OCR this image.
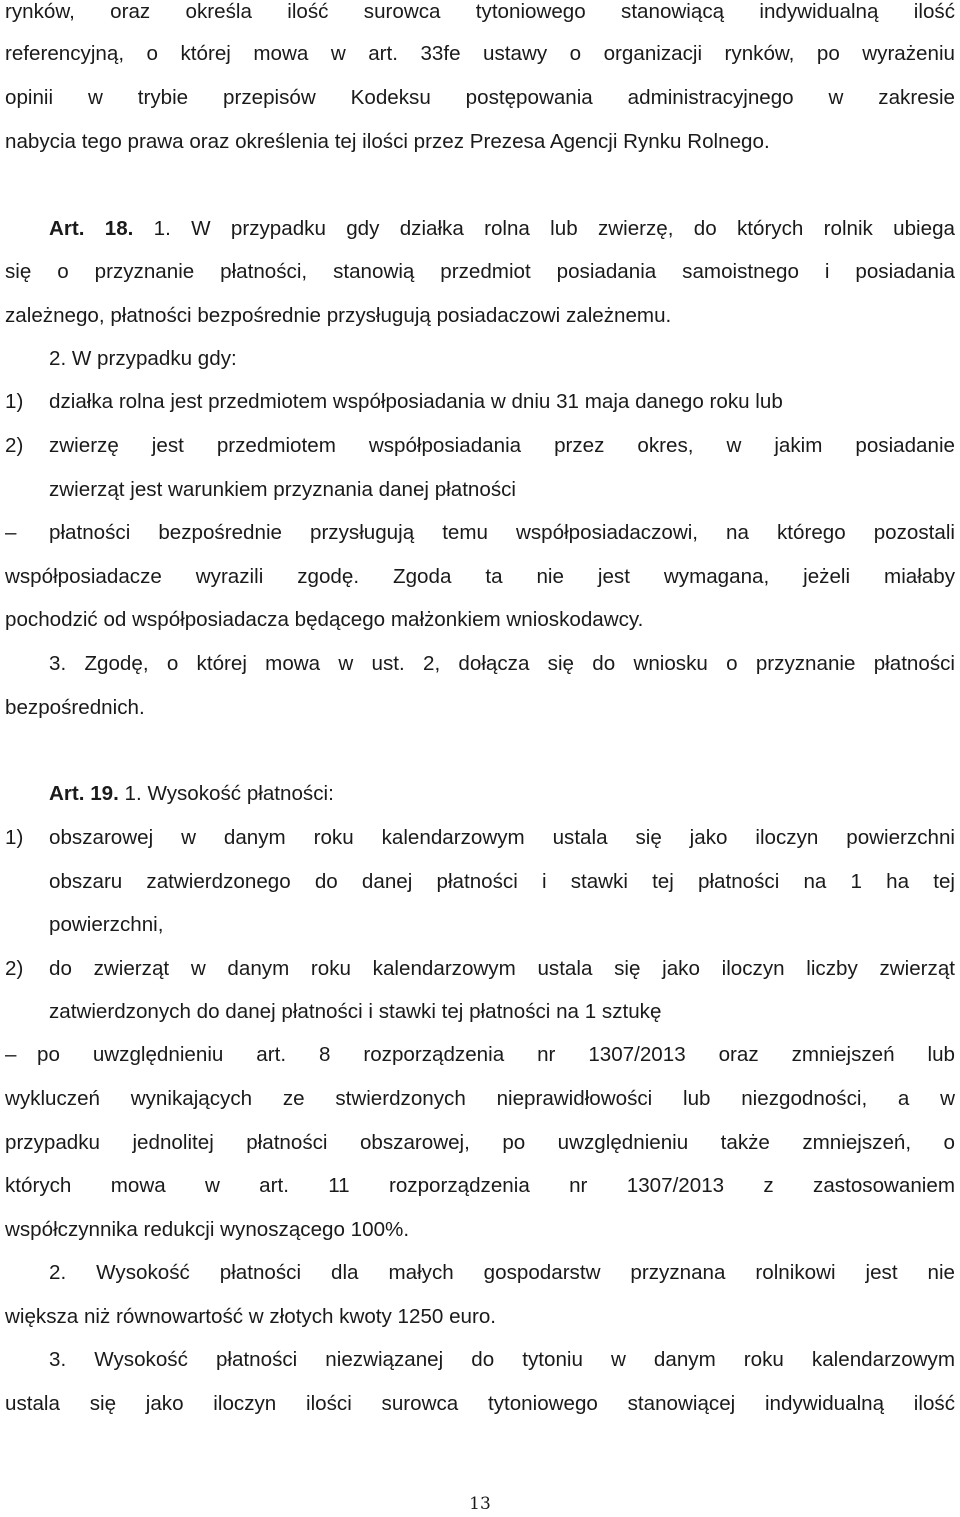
rynków, oraz określa ilość surowca tytoniowego stanowiącą indywidualną ilość
referencyjną, o której mowa w art. 33fe ustawy o organizacji rynków, po wyrażeniu
opinii w trybie przepisów Kodeksu postępowania administracyjnego w zakresie
nabycia tego prawa oraz określenia tej ilości przez Prezesa Agencji Rynku Rolnego.
Art. 18. 1. W przypadku gdy działka rolna lub zwierzę, do których rolnik ubiega
się o przyznanie płatności, stanowią przedmiot posiadania samoistnego i posiadania
zależnego, płatności bezpośrednie przysługują posiadaczowi zależnemu.
2. W przypadku gdy:
1) działka rolna jest przedmiotem współposiadania w dniu 31 maja danego roku lub
2) zwierzę jest przedmiotem współposiadania przez okres, w jakim posiadanie
zwierząt jest warunkiem przyznania danej płatności
– płatności bezpośrednie przysługują temu współposiadaczowi, na którego pozostali
współposiadacze wyrazili zgodę. Zgoda ta nie jest wymagana, jeżeli miałaby
pochodzić od współposiadacza będącego małżonkiem wnioskodawcy.
3. Zgodę, o której mowa w ust. 2, dołącza się do wniosku o przyznanie płatności
bezpośrednich.
Art. 19. 1. Wysokość płatności:
1) obszarowej w danym roku kalendarzowym ustala się jako iloczyn powierzchni
obszaru zatwierdzonego do danej płatności i stawki tej płatności na 1 ha tej
powierzchni,
2) do zwierząt w danym roku kalendarzowym ustala się jako iloczyn liczby zwierząt
zatwierdzonych do danej płatności i stawki tej płatności na 1 sztukę
– po uwzględnieniu art. 8 rozporządzenia nr 1307/2013 oraz zmniejszeń lub
wykluczeń wynikających ze stwierdzonych nieprawidłowości lub niezgodności, a w
przypadku jednolitej płatności obszarowej, po uwzględnieniu także zmniejszeń, o
których mowa w art. 11 rozporządzenia nr 1307/2013 z zastosowaniem
współczynnika redukcji wynoszącego 100%.
2. Wysokość płatności dla małych gospodarstw przyznana rolnikowi jest nie
większa niż równowartość w złotych kwoty 1250 euro.
3. Wysokość płatności niezwiązanej do tytoniu w danym roku kalendarzowym
ustala się jako iloczyn ilości surowca tytoniowego stanowiącej indywidualną ilość
13
